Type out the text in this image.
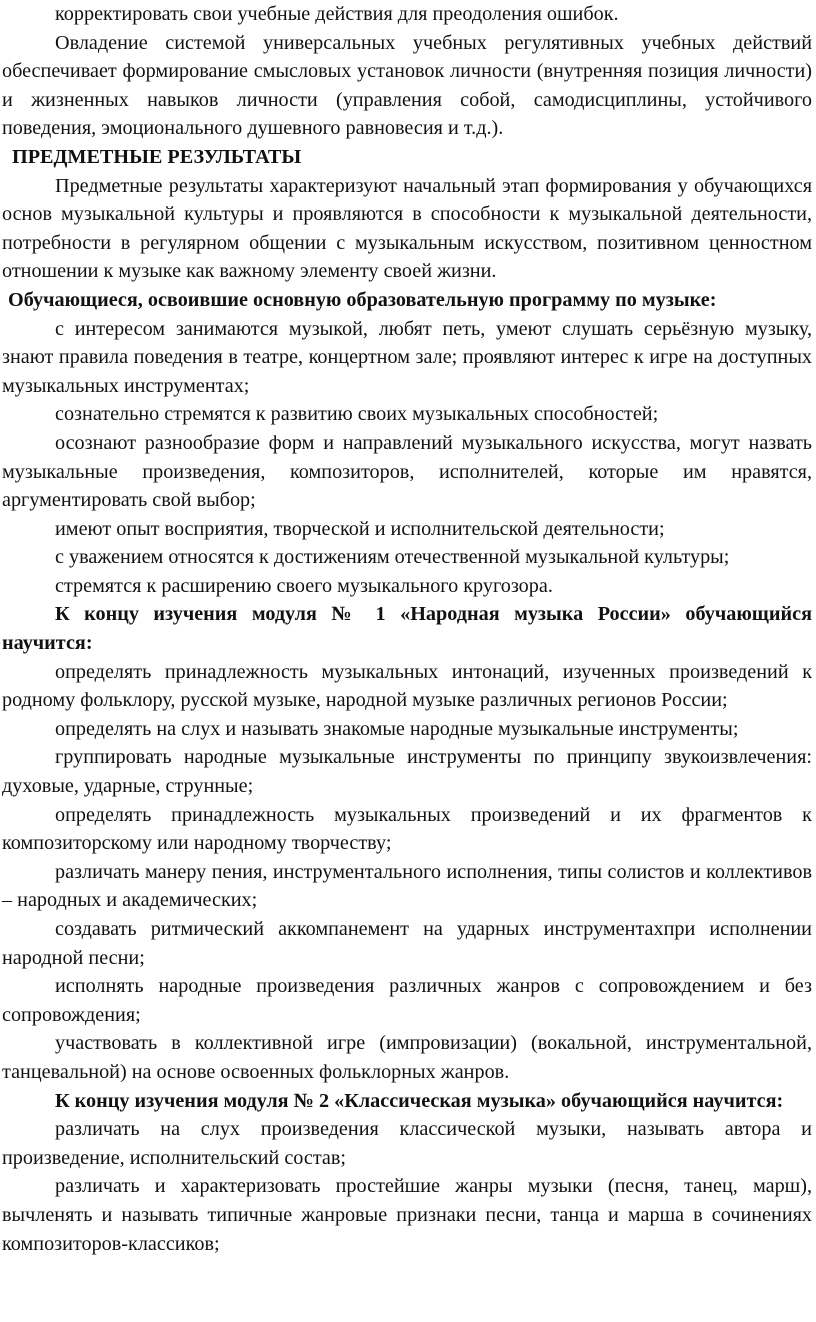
корректировать свои учебные действия для преодоления ошибок.

Овладение системой универсальных учебных регулятивных учебных действий обеспечивает формирование смысловых установок личности (внутренняя позиция личности) и жизненных навыков личности (управления собой, самодисциплины, устойчивого поведения, эмоционального душевного равновесия и т.д.).

ПРЕДМЕТНЫЕ РЕЗУЛЬТАТЫ

Предметные результаты характеризуют начальный этап формирования у обучающихся основ музыкальной культуры и проявляются в способности к музыкальной деятельности, потребности в регулярном общении с музыкальным искусством, позитивном ценностном отношении к музыке как важному элементу своей жизни.

Обучающиеся, освоившие основную образовательную программу по музыке:

с интересом занимаются музыкой, любят петь, умеют слушать серьёзную музыку, знают правила поведения в театре, концертном зале; проявляют интерес к игре на доступных музыкальных инструментах;

сознательно стремятся к развитию своих музыкальных способностей;

осознают разнообразие форм и направлений музыкального искусства, могут назвать музыкальные произведения, композиторов, исполнителей, которые им нравятся, аргументировать свой выбор;

имеют опыт восприятия, творческой и исполнительской деятельности;

с уважением относятся к достижениям отечественной музыкальной культуры;

стремятся к расширению своего музыкального кругозора.

К концу изучения модуля № 1 «Народная музыка России» обучающийся научится:

определять принадлежность музыкальных интонаций, изученных произведений к родному фольклору, русской музыке, народной музыке различных регионов России;

определять на слух и называть знакомые народные музыкальные инструменты;

группировать народные музыкальные инструменты по принципу звукоизвлечения: духовые, ударные, струнные;

определять принадлежность музыкальных произведений и их фрагментов к композиторскому или народному творчеству;

различать манеру пения, инструментального исполнения, типы солистов и коллективов – народных и академических;

создавать ритмический аккомпанемент на ударных инструментахпри исполнении народной песни;

исполнять народные произведения различных жанров с сопровождением и без сопровождения;

участвовать в коллективной игре (импровизации) (вокальной, инструментальной, танцевальной) на основе освоенных фольклорных жанров.

К концу изучения модуля № 2 «Классическая музыка» обучающийся научится:

различать на слух произведения классической музыки, называть автора и произведение, исполнительский состав;

различать и характеризовать простейшие жанры музыки (песня, танец, марш), вычленять и называть типичные жанровые признаки песни, танца и марша в сочинениях композиторов-классиков;
